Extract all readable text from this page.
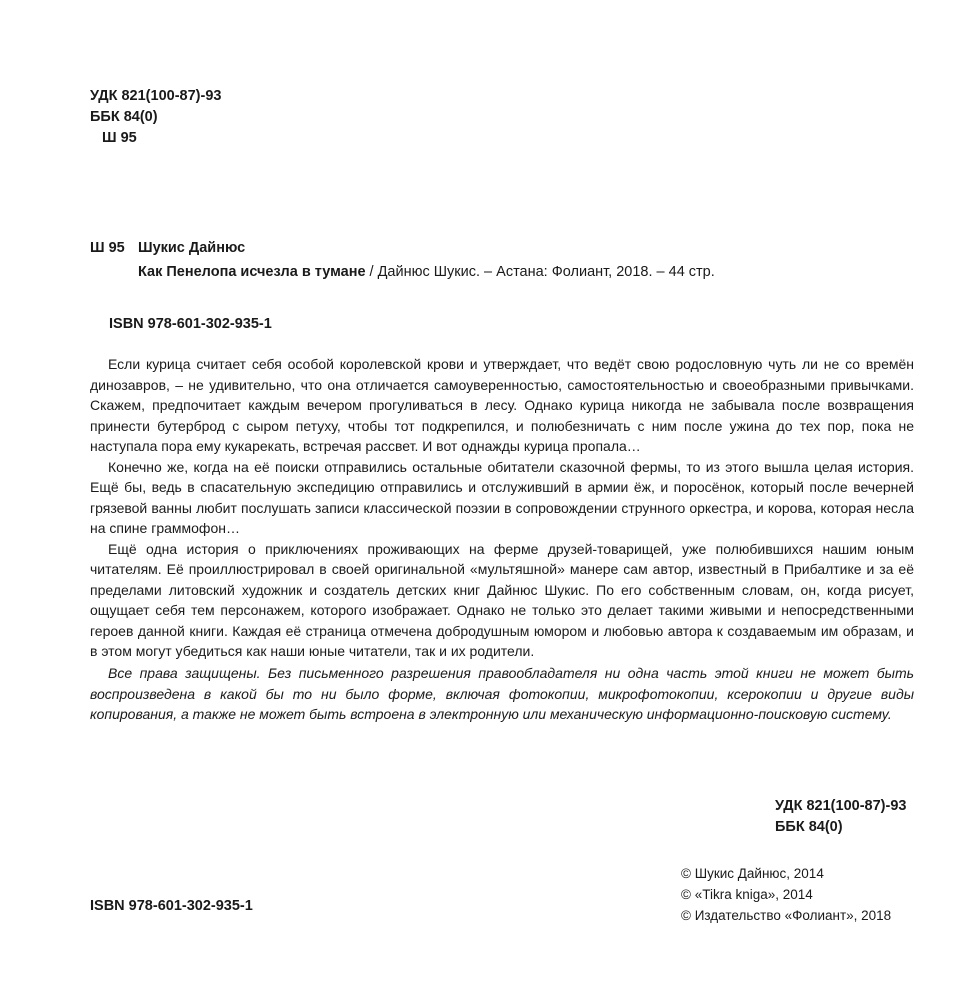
УДК 821(100-87)-93
ББК 84(0)
Ш 95
Ш 95 Шукис Дайнюс
Как Пенелопа исчезла в тумане / Дайнюс Шукис. – Астана: Фолиант, 2018. – 44 стр.
ISBN 978-601-302-935-1

Если курица считает себя особой королевской крови и утверждает, что ведёт свою родословную чуть ли не со времён динозавров, – не удивительно, что она отличается самоуверенностью, самостоятельностью и своеобразными привычками. Скажем, предпочитает каждым вечером прогуливаться в лесу. Однако курица никогда не забывала после возвращения принести бутерброд с сыром петуху, чтобы тот подкрепился, и полюбезничать с ним после ужина до тех пор, пока не наступала пора ему кукарекать, встречая рассвет. И вот однажды курица пропала…

Конечно же, когда на её поиски отправились остальные обитатели сказочной фермы, то из этого вышла целая история. Ещё бы, ведь в спасательную экспедицию отправились и отслуживший в армии ёж, и поросёнок, который после вечерней грязевой ванны любит послушать записи классической поэзии в сопровождении струнного оркестра, и корова, которая несла на спине граммофон…

Ещё одна история о приключениях проживающих на ферме друзей-товарищей, уже полюбившихся нашим юным читателям. Её проиллюстрировал в своей оригинальной «мультяшной» манере сам автор, известный в Прибалтике и за её пределами литовский художник и создатель детских книг Дайнюс Шукис. По его собственным словам, он, когда рисует, ощущает себя тем персонажем, которого изображает. Однако не только это делает такими живыми и непосредственными героев данной книги. Каждая её страница отмечена добродушным юмором и любовью автора к создаваемым им образам, и в этом могут убедиться как наши юные читатели, так и их родители.

Все права защищены. Без письменного разрешения правообладателя ни одна часть этой книги не может быть воспроизведена в какой бы то ни было форме, включая фотокопии, микрофотокопии, ксерокопии и другие виды копирования, а также не может быть встроена в электронную или механическую информационно-поисковую систему.

УДК 821(100-87)-93
ББК 84(0)
© Шукис Дайнюс, 2014
© «Tikra kniga», 2014
© Издательство «Фолиант», 2018
ISBN 978-601-302-935-1
